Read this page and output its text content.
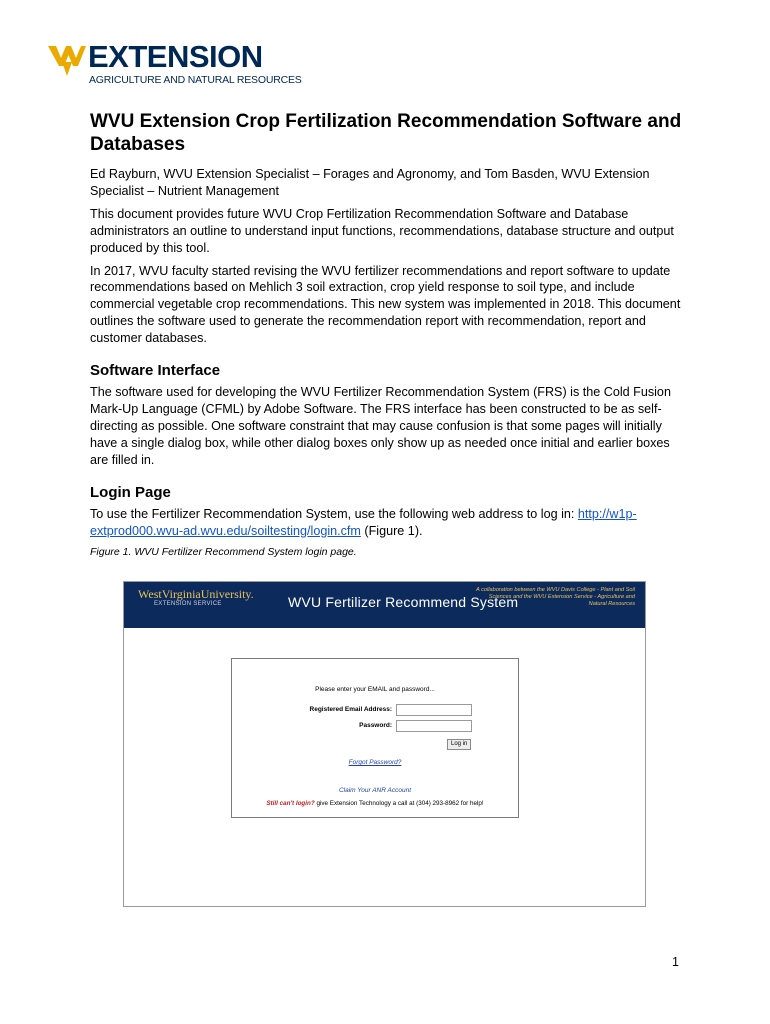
EXTENSION
AGRICULTURE AND NATURAL RESOURCES
WVU Extension Crop Fertilization Recommendation Software and Databases

Ed Rayburn, WVU Extension Specialist – Forages and Agronomy, and Tom Basden, WVU Extension Specialist – Nutrient Management

This document provides future WVU Crop Fertilization Recommendation Software and Database administrators an outline to understand input functions, recommendations, database structure and output produced by this tool.

In 2017, WVU faculty started revising the WVU fertilizer recommendations and report software to update recommendations based on Mehlich 3 soil extraction, crop yield response to soil type, and include commercial vegetable crop recommendations. This new system was implemented in 2018. This document outlines the software used to generate the recommendation report with recommendation, report and customer databases.

Software Interface

The software used for developing the WVU Fertilizer Recommendation System (FRS) is the Cold Fusion Mark-Up Language (CFML) by Adobe Software. The FRS interface has been constructed to be as self-directing as possible. One software constraint that may cause confusion is that some pages will initially have a single dialog box, while other dialog boxes only show up as needed once initial and earlier boxes are filled in.

Login Page

To use the Fertilizer Recommendation System, use the following web address to log in: http://w1p-extprod000.wvu-ad.wvu.edu/soiltesting/login.cfm (Figure 1).

Figure 1. WVU Fertilizer Recommend System login page.

WestVirginiaUniversity.
EXTENSION SERVICE	WVU Fertilizer Recommend System
A collaboration between the WVU Davis College - Plant and Soil Sciences and the WVU Extension Service - Agriculture and Natural Resources
Please enter your EMAIL and password...
Registered Email Address:
Password:
Log in
Forgot Password?
Claim Your ANR Account
Still can't login? give Extension Technology a call at (304) 293-8962 for help!
1
